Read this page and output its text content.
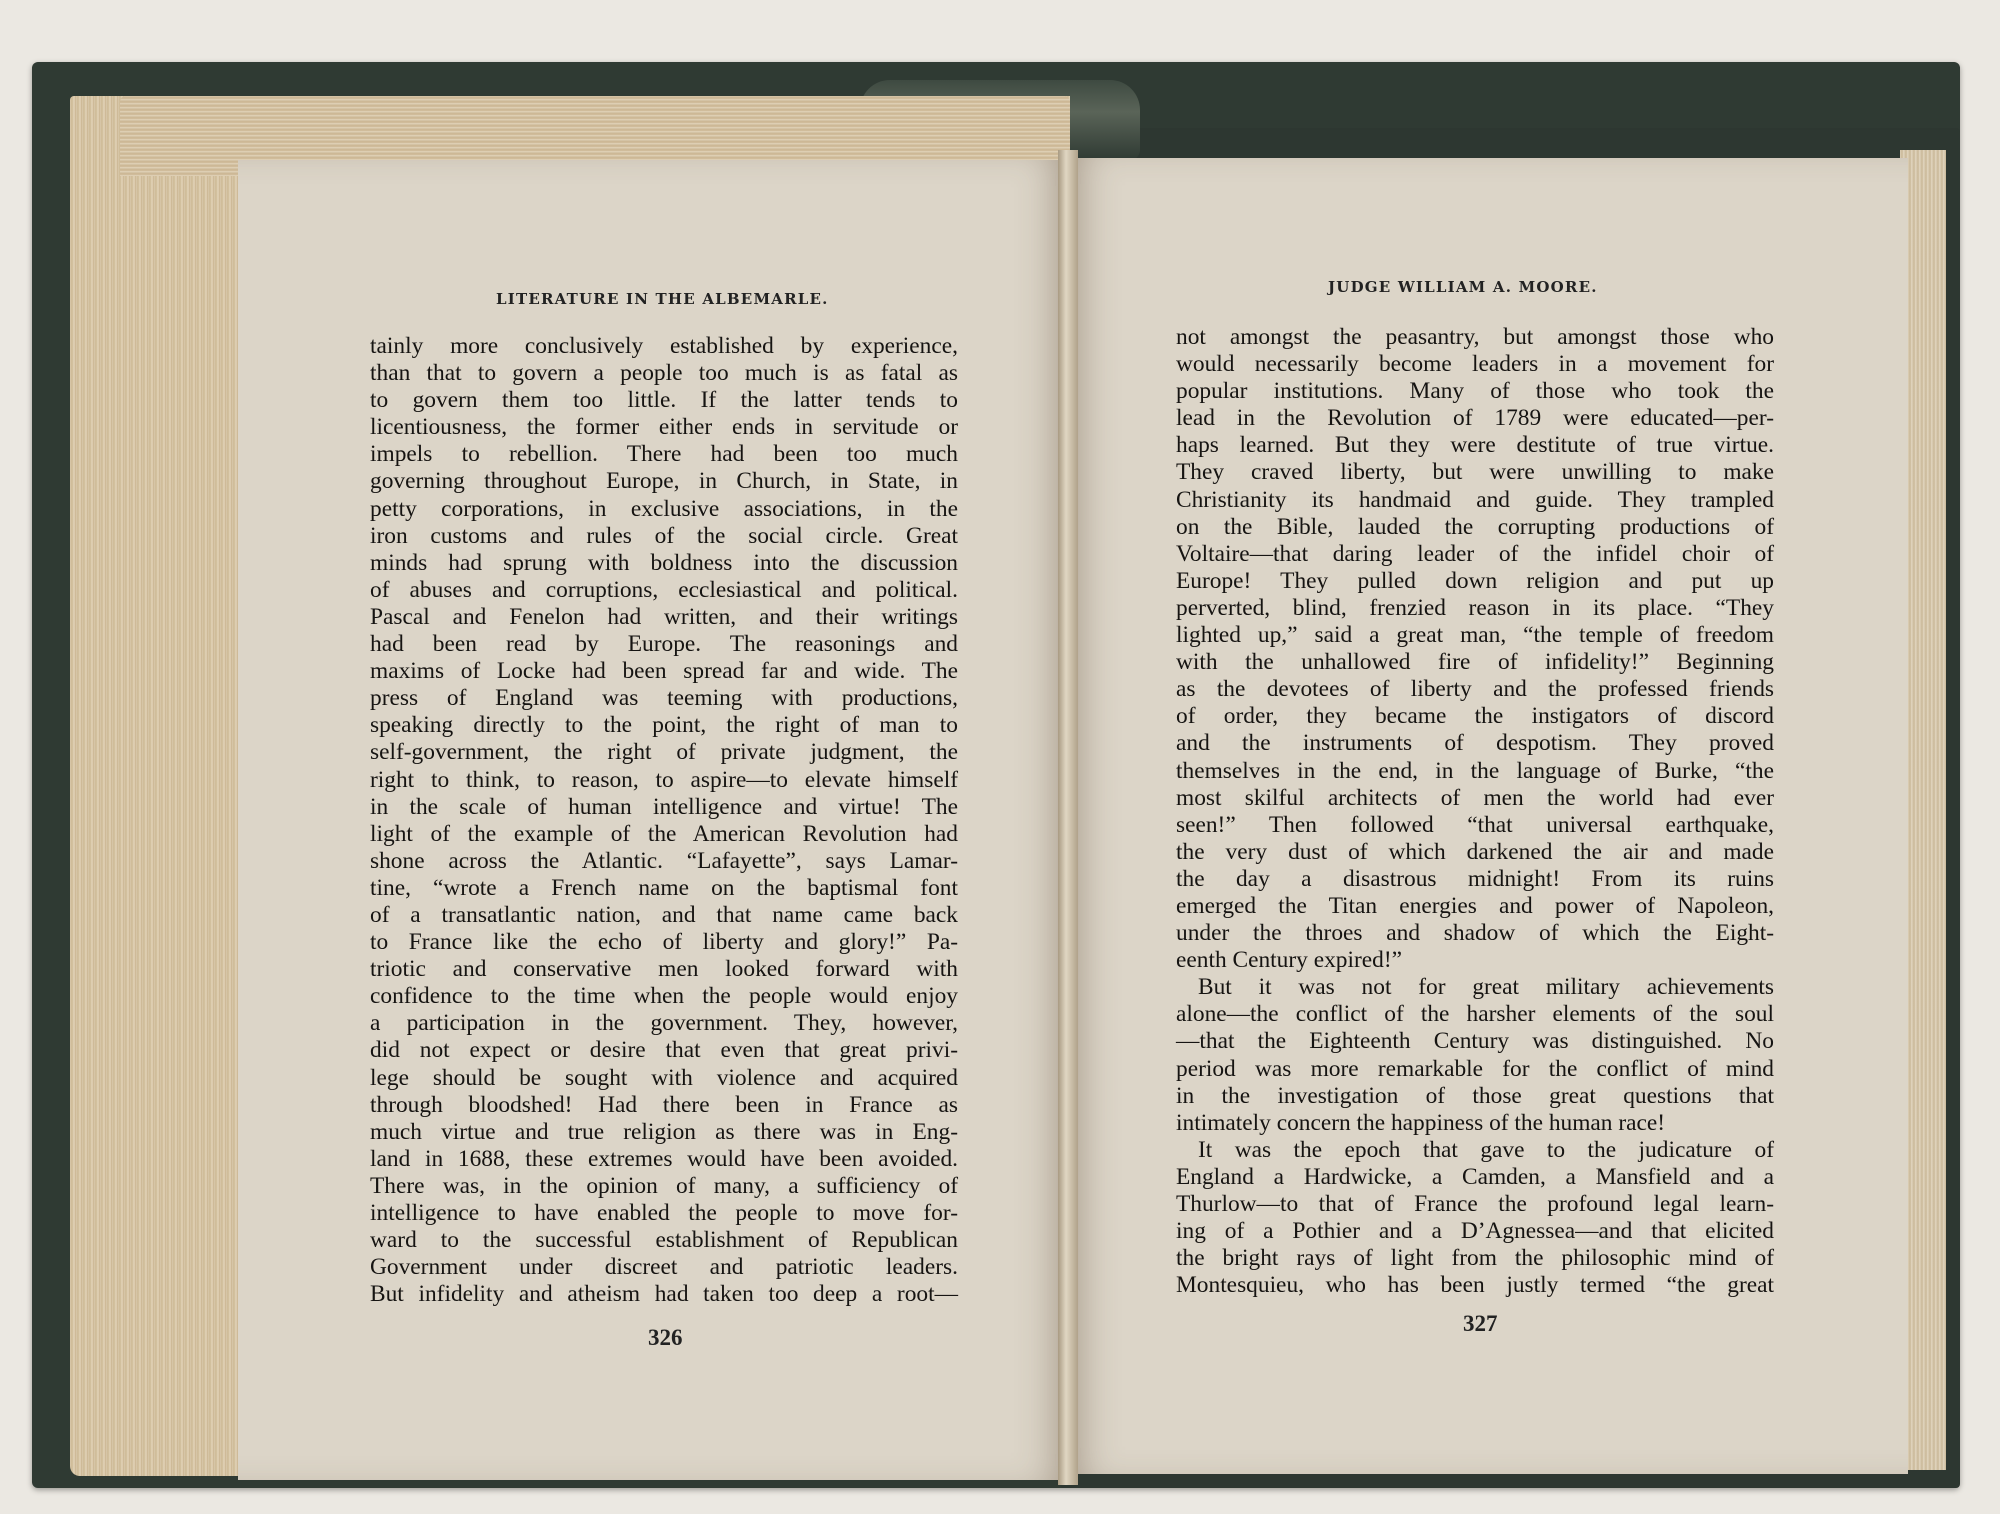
LITERATURE IN THE ALBEMARLE.
tainly more conclusively established by experience,
than that to govern a people too much is as fatal as
to govern them too little. If the latter tends to
licentiousness, the former either ends in servitude or
impels to rebellion. There had been too much
governing throughout Europe, in Church, in State, in
petty corporations, in exclusive associations, in the
iron customs and rules of the social circle. Great
minds had sprung with boldness into the discussion
of abuses and corruptions, ecclesiastical and political.
Pascal and Fenelon had written, and their writings
had been read by Europe. The reasonings and
maxims of Locke had been spread far and wide. The
press of England was teeming with productions,
speaking directly to the point, the right of man to
self-government, the right of private judgment, the
right to think, to reason, to aspire—to elevate himself
in the scale of human intelligence and virtue! The
light of the example of the American Revolution had
shone across the Atlantic. “Lafayette”, says Lamar-
tine, “wrote a French name on the baptismal font
of a transatlantic nation, and that name came back
to France like the echo of liberty and glory!” Pa-
triotic and conservative men looked forward with
confidence to the time when the people would enjoy
a participation in the government. They, however,
did not expect or desire that even that great privi-
lege should be sought with violence and acquired
through bloodshed! Had there been in France as
much virtue and true religion as there was in Eng-
land in 1688, these extremes would have been avoided.
There was, in the opinion of many, a sufficiency of
intelligence to have enabled the people to move for-
ward to the successful establishment of Republican
Government under discreet and patriotic leaders.
But infidelity and atheism had taken too deep a root—
326
JUDGE WILLIAM A. MOORE.
not amongst the peasantry, but amongst those who
would necessarily become leaders in a movement for
popular institutions. Many of those who took the
lead in the Revolution of 1789 were educated—per-
haps learned. But they were destitute of true virtue.
They craved liberty, but were unwilling to make
Christianity its handmaid and guide. They trampled
on the Bible, lauded the corrupting productions of
Voltaire—that daring leader of the infidel choir of
Europe! They pulled down religion and put up
perverted, blind, frenzied reason in its place. “They
lighted up,” said a great man, “the temple of freedom
with the unhallowed fire of infidelity!” Beginning
as the devotees of liberty and the professed friends
of order, they became the instigators of discord
and the instruments of despotism. They proved
themselves in the end, in the language of Burke, “the
most skilful architects of men the world had ever
seen!” Then followed “that universal earthquake,
the very dust of which darkened the air and made
the day a disastrous midnight! From its ruins
emerged the Titan energies and power of Napoleon,
under the throes and shadow of which the Eight-
eenth Century expired!”
But it was not for great military achievements
alone—the conflict of the harsher elements of the soul
—that the Eighteenth Century was distinguished. No
period was more remarkable for the conflict of mind
in the investigation of those great questions that
intimately concern the happiness of the human race!
It was the epoch that gave to the judicature of
England a Hardwicke, a Camden, a Mansfield and a
Thurlow—to that of France the profound legal learn-
ing of a Pothier and a D’Agnessea—and that elicited
the bright rays of light from the philosophic mind of
Montesquieu, who has been justly termed “the great
327
